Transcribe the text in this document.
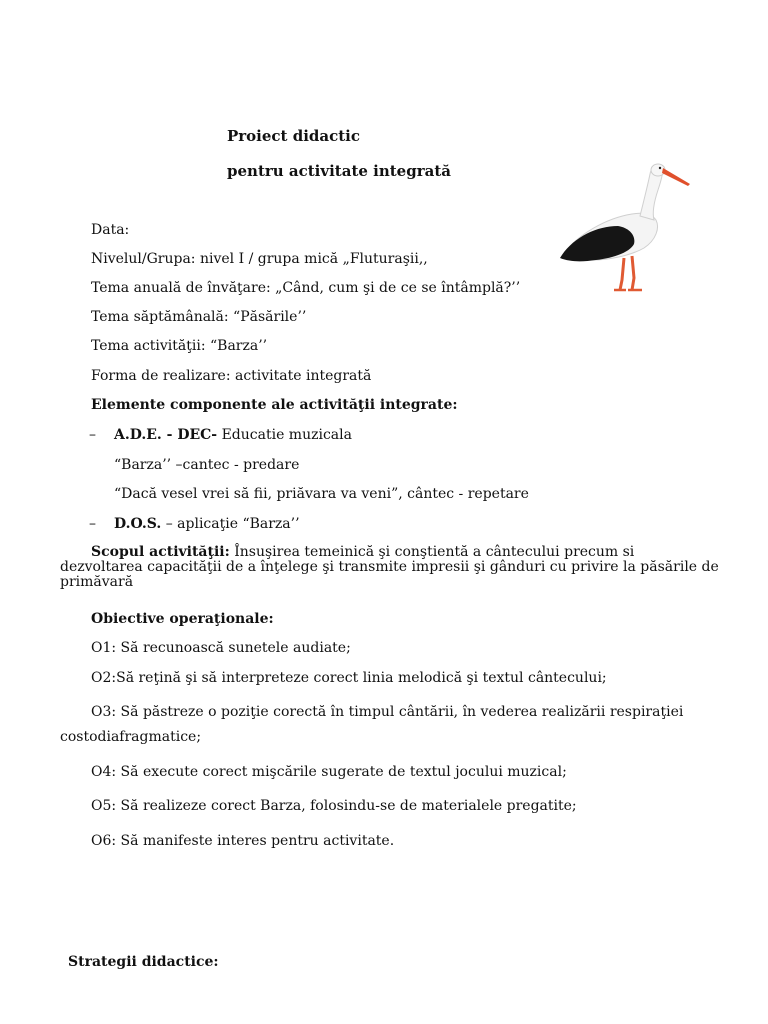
Proiect didactic
pentru activitate integrată
Data:
Nivelul/Grupa: nivel I / grupa mică „Fluturaşii,,
Tema anuală de învăţare: „Când, cum şi de ce se întâmplă?’’
Tema săptămânală: “Păsările’’
Tema activităţii: “Barza’’
Forma de realizare: activitate integrată
Elemente componente ale activităţii integrate:
– A.D.E. - DEC- Educatie muzicala
“Barza’’ –cantec - predare
“Dacă vesel vrei să fii, priăvara va veni”, cântec - repetare
– D.O.S. – aplicaţie “Barza’’
Scopul activităţii: Însuşirea temeinică şi conştientă a cântecului precum si dezvoltarea capacităţii de a înţelege şi transmite impresii şi gânduri cu privire la păsările de primăvară
Obiective operaţionale:
O1: Să recunoască sunetele audiate;
O2:Să reţină şi să interpreteze corect linia melodică şi textul cântecului;
O3: Să păstreze o poziţie corectă în timpul cântării, în vederea realizării respiraţiei
costodiafragmatice;
O4: Să execute corect mişcările sugerate de textul jocului muzical;
O5: Să realizeze corect Barza, folosindu-se de materialele pregatite;
O6: Să manifeste interes pentru activitate.
Strategii didactice:
